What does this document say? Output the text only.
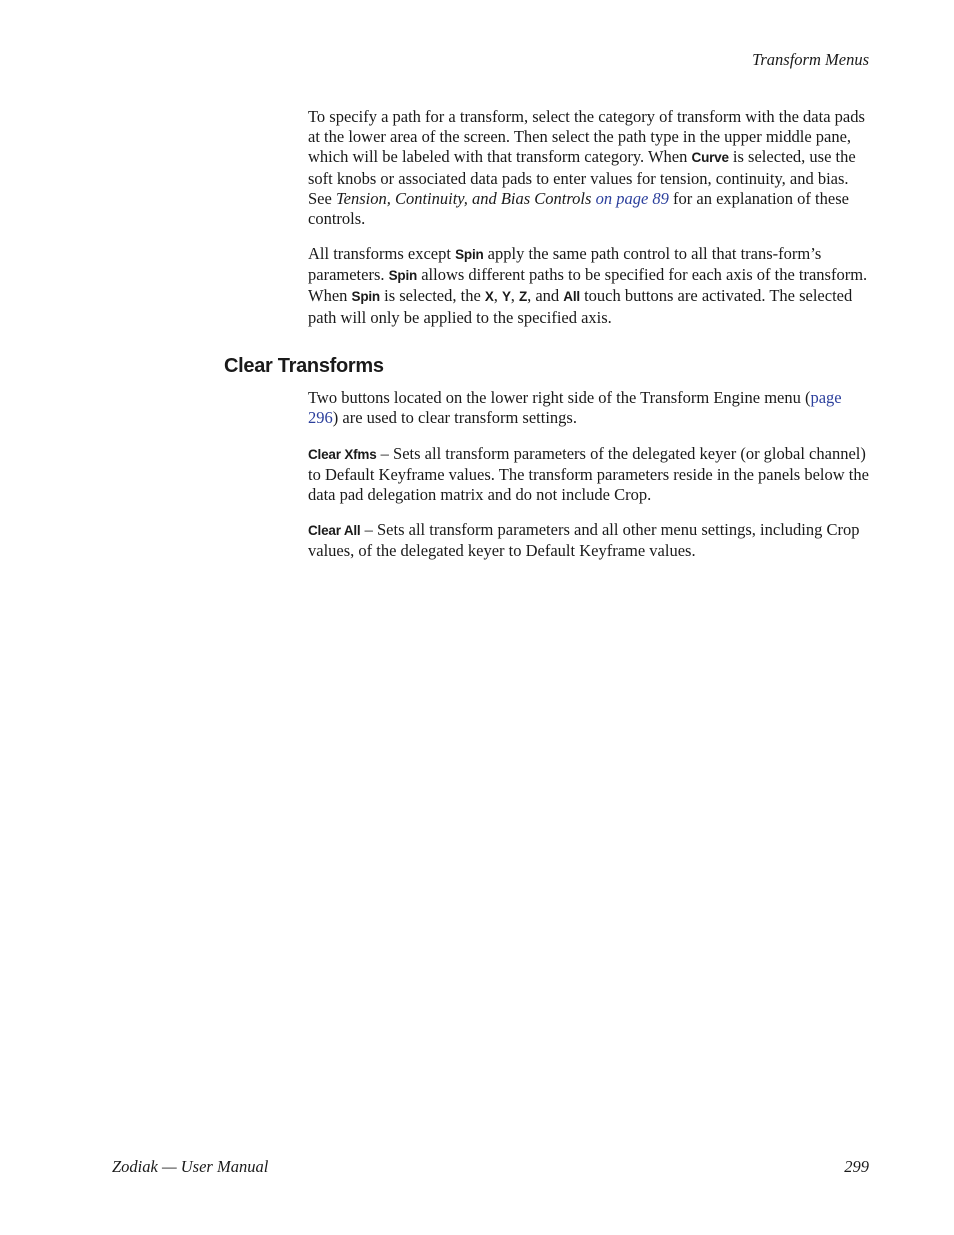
Transform Menus

To specify a path for a transform, select the category of transform with the data pads at the lower area of the screen. Then select the path type in the upper middle pane, which will be labeled with that transform category. When Curve is selected, use the soft knobs or associated data pads to enter values for tension, continuity, and bias. See Tension, Continuity, and Bias Controls on page 89 for an explanation of these controls.

All transforms except Spin apply the same path control to all that trans-form’s parameters. Spin allows different paths to be specified for each axis of the transform. When Spin is selected, the X, Y, Z, and All touch buttons are activated. The selected path will only be applied to the specified axis.

Clear Transforms

Two buttons located on the lower right side of the Transform Engine menu (page 296) are used to clear transform settings.

Clear Xfms – Sets all transform parameters of the delegated keyer (or global channel) to Default Keyframe values. The transform parameters reside in the panels below the data pad delegation matrix and do not include Crop.

Clear All – Sets all transform parameters and all other menu settings, including Crop values, of the delegated keyer to Default Keyframe values.

Zodiak — User Manual	299
